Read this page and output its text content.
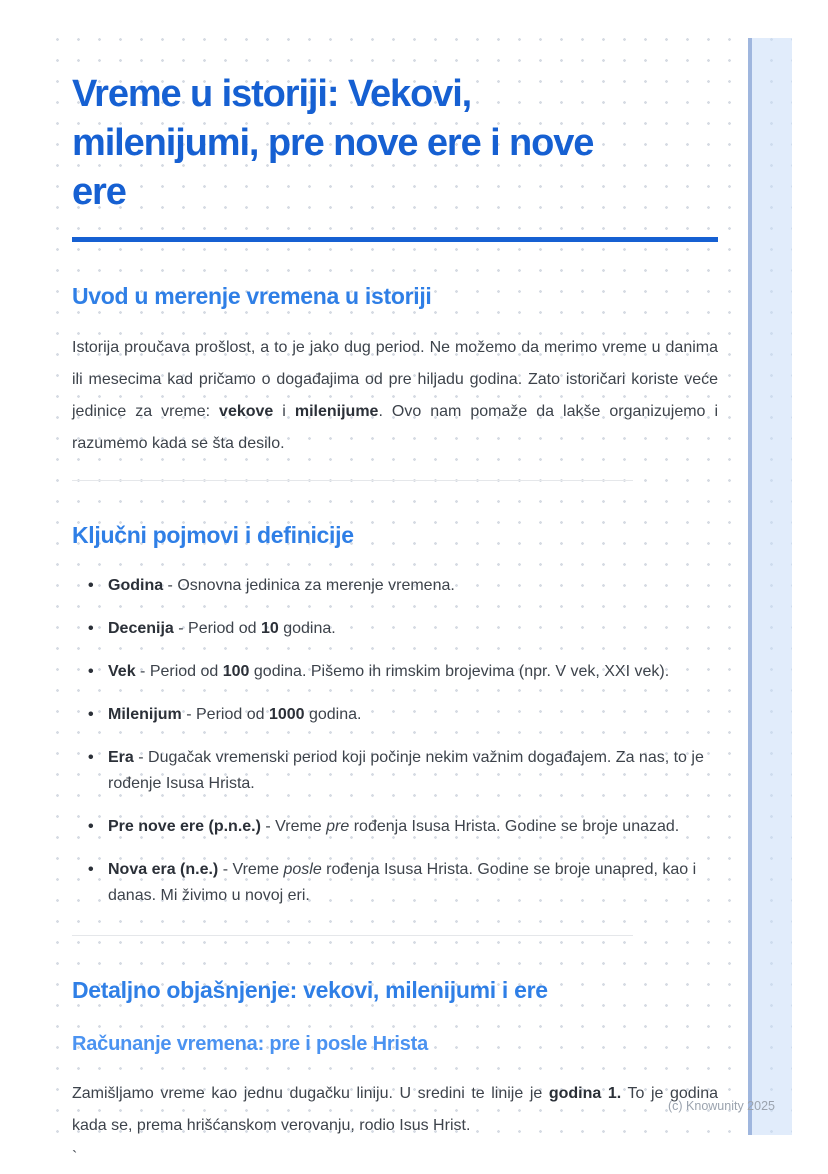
Vreme u istoriji: Vekovi,
milenijumi, pre nove ere i nove
ere
Uvod u merenje vremena u istoriji

Istorija proučava prošlost, a to je jako dug period. Ne možemo da merimo vreme u danima ili mesecima kad pričamo o događajima od pre hiljadu godina. Zato istoričari koriste veće jedinice za vreme: vekove i milenijume. Ovo nam pomaže da lakše organizujemo i razumemo kada se šta desilo.

Ključni pojmovi i definicije
• Godina - Osnovna jedinica za merenje vremena.
• Decenija - Period od 10 godina.
• Vek - Period od 100 godina. Pišemo ih rimskim brojevima (npr. V vek, XXI vek).
• Milenijum - Period od 1000 godina.
• Era - Dugačak vremenski period koji počinje nekim važnim događajem. Za nas, to je rođenje Isusa Hrista.
• Pre nove ere (p.n.e.) - Vreme pre rođenja Isusa Hrista. Godine se broje unazad.
• Nova era (n.e.) - Vreme posle rođenja Isusa Hrista. Godine se broje unapred, kao i danas. Mi živimo u novoj eri.
Detaljno objašnjenje: vekovi, milenijumi i ere
Računanje vremena: pre i posle Hrista

Zamišljamo vreme kao jednu dugačku liniju. U sredini te linije je godina 1. To je godina kada se, prema hrišćanskom verovanju, rodio Isus Hrist.

`

(c) Knowunity 2025
